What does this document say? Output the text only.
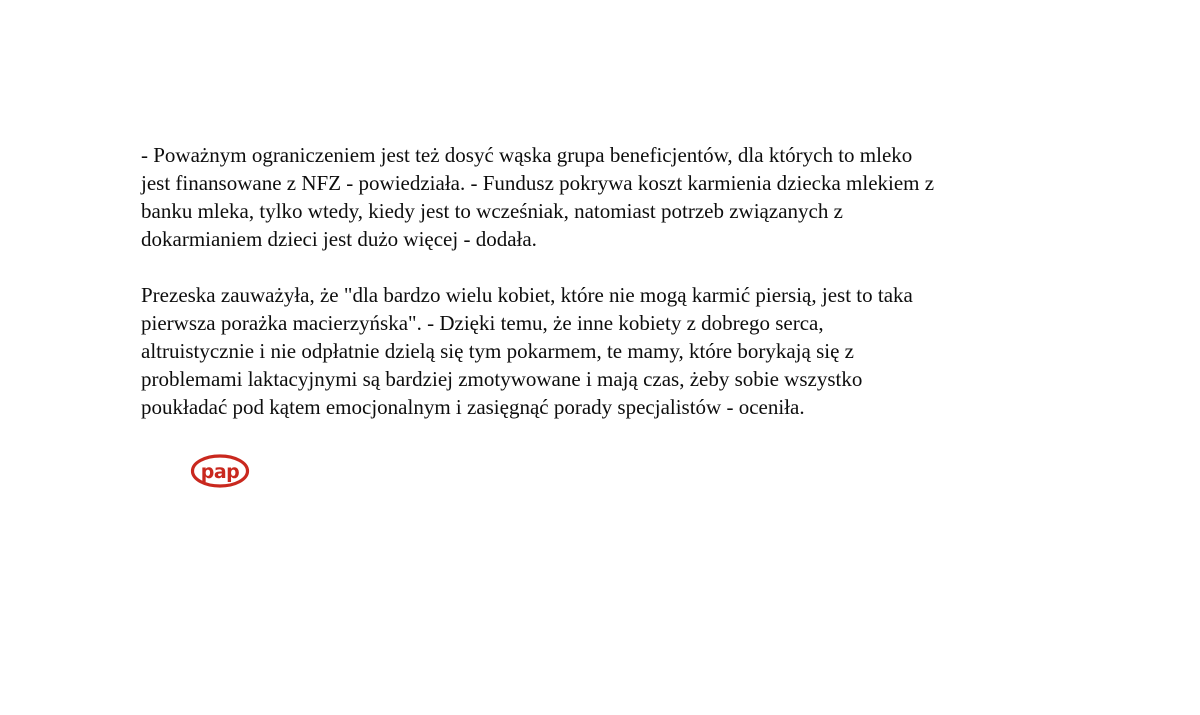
- Poważnym ograniczeniem jest też dosyć wąska grupa beneficjentów, dla których to mleko
jest finansowane z NFZ - powiedziała. - Fundusz pokrywa koszt karmienia dziecka mlekiem z
banku mleka, tylko wtedy, kiedy jest to wcześniak, natomiast potrzeb związanych z
dokarmianiem dzieci jest dużo więcej - dodała.

Prezeska zauważyła, że "dla bardzo wielu kobiet, które nie mogą karmić piersią, jest to taka
pierwsza porażka macierzyńska". - Dzięki temu, że inne kobiety z dobrego serca,
altruistycznie i nie odpłatnie dzielą się tym pokarmem, te mamy, które borykają się z
problemami laktacyjnymi są bardziej zmotywowane i mają czas, żeby sobie wszystko
poukładać pod kątem emocjonalnym i zasięgnąć porady specjalistów - oceniła.

pap
